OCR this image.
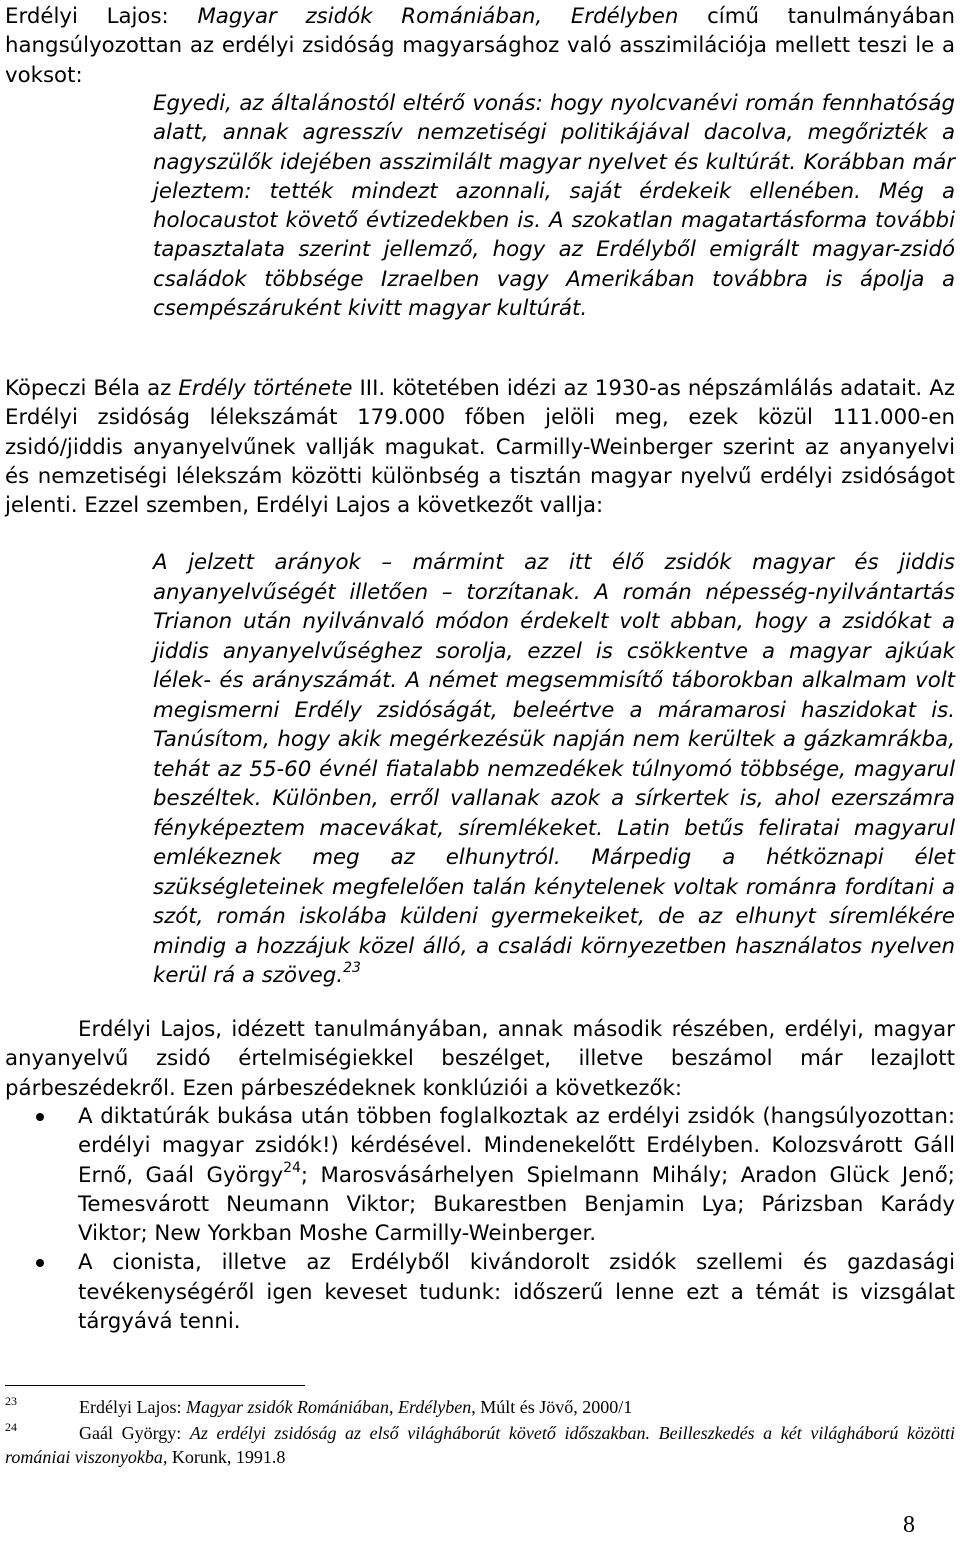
Erdélyi Lajos: Magyar zsidók Romániában, Erdélyben című tanulmányában hangsúlyozottan az erdélyi zsidóság magyarsághoz való asszimilációja mellett teszi le a voksot:

Egyedi, az általánostól eltérő vonás: hogy nyolcvanévi román fennhatóság alatt, annak agresszív nemzetiségi politikájával dacolva, megőrizték a nagyszülők idejében asszimilált magyar nyelvet és kultúrát. Korábban már jeleztem: tették mindezt azonnali, saját érdekeik ellenében. Még a holocaustot követő évtizedekben is. A szokatlan magatartásforma további tapasztalata szerint jellemző, hogy az Erdélyből emigrált magyar-zsidó családok többsége Izraelben vagy Amerikában továbbra is ápolja a csempészáruként kivitt magyar kultúrát.

Köpeczi Béla az Erdély története III. kötetében idézi az 1930-as népszámlálás adatait. Az Erdélyi zsidóság lélekszámát 179.000 főben jelöli meg, ezek közül 111.000-en zsidó/jiddis anyanyelvűnek vallják magukat. Carmilly-Weinberger szerint az anyanyelvi és nemzetiségi lélekszám közötti különbség a tisztán magyar nyelvű erdélyi zsidóságot jelenti. Ezzel szemben, Erdélyi Lajos a következőt vallja:

A jelzett arányok – mármint az itt élő zsidók magyar és jiddis anyanyelvűségét illetően – torzítanak. A román népesség-nyilvántartás Trianon után nyilvánvaló módon érdekelt volt abban, hogy a zsidókat a jiddis anyanyelvűséghez sorolja, ezzel is csökkentve a magyar ajkúak lélek- és arányszámát. A német megsemmisítő táborokban alkalmam volt megismerni Erdély zsidóságát, beleértve a máramarosi haszidokat is. Tanúsítom, hogy akik megérkezésük napján nem kerültek a gázkamrákba, tehát az 55-60 évnél fiatalabb nemzedékek túlnyomó többsége, magyarul beszéltek. Különben, erről vallanak azok a sírkertek is, ahol ezerszámra fényképeztem macevákat, síremlékeket. Latin betűs feliratai magyarul emlékeznek meg az elhunytról. Márpedig a hétköznapi élet szükségleteinek megfelelően talán kénytelenek voltak románra fordítani a szót, román iskolába küldeni gyermekeiket, de az elhunyt síremlékére mindig a hozzájuk közel álló, a családi környezetben használatos nyelven kerül rá a szöveg.$^{23}$

Erdélyi Lajos, idézett tanulmányában, annak második részében, erdélyi, magyar anyanyelvű zsidó értelmiségiekkel beszélget, illetve beszámol már lezajlott párbeszédekről. Ezen párbeszédeknek konklúziói a következők:

A diktatúrák bukása után többen foglalkoztak az erdélyi zsidók (hangsúlyozottan: erdélyi magyar zsidók!) kérdésével. Mindenekelőtt Erdélyben. Kolozsvárott Gáll Ernő, Gaál György$^{24}$; Marosvásárhelyen Spielmann Mihály; Aradon Glück Jenő; Temesvárott Neumann Viktor; Bukarestben Benjamin Lya; Párizsban Karády Viktor; New Yorkban Moshe Carmilly-Weinberger.
A cionista, illetve az Erdélyből kivándorolt zsidók szellemi és gazdasági tevékenységéről igen keveset tudunk: időszerű lenne ezt a témát is vizsgálat tárgyává tenni.

$^{23}$	Erdélyi Lajos: Magyar zsidók Romániában, Erdélyben, Múlt és Jövő, 2000/1

$^{24}$	Gaál György: Az erdélyi zsidóság az első világháborút követő időszakban. Beilleszkedés a két világháború közötti romániai viszonyokba, Korunk, 1991.8

8
